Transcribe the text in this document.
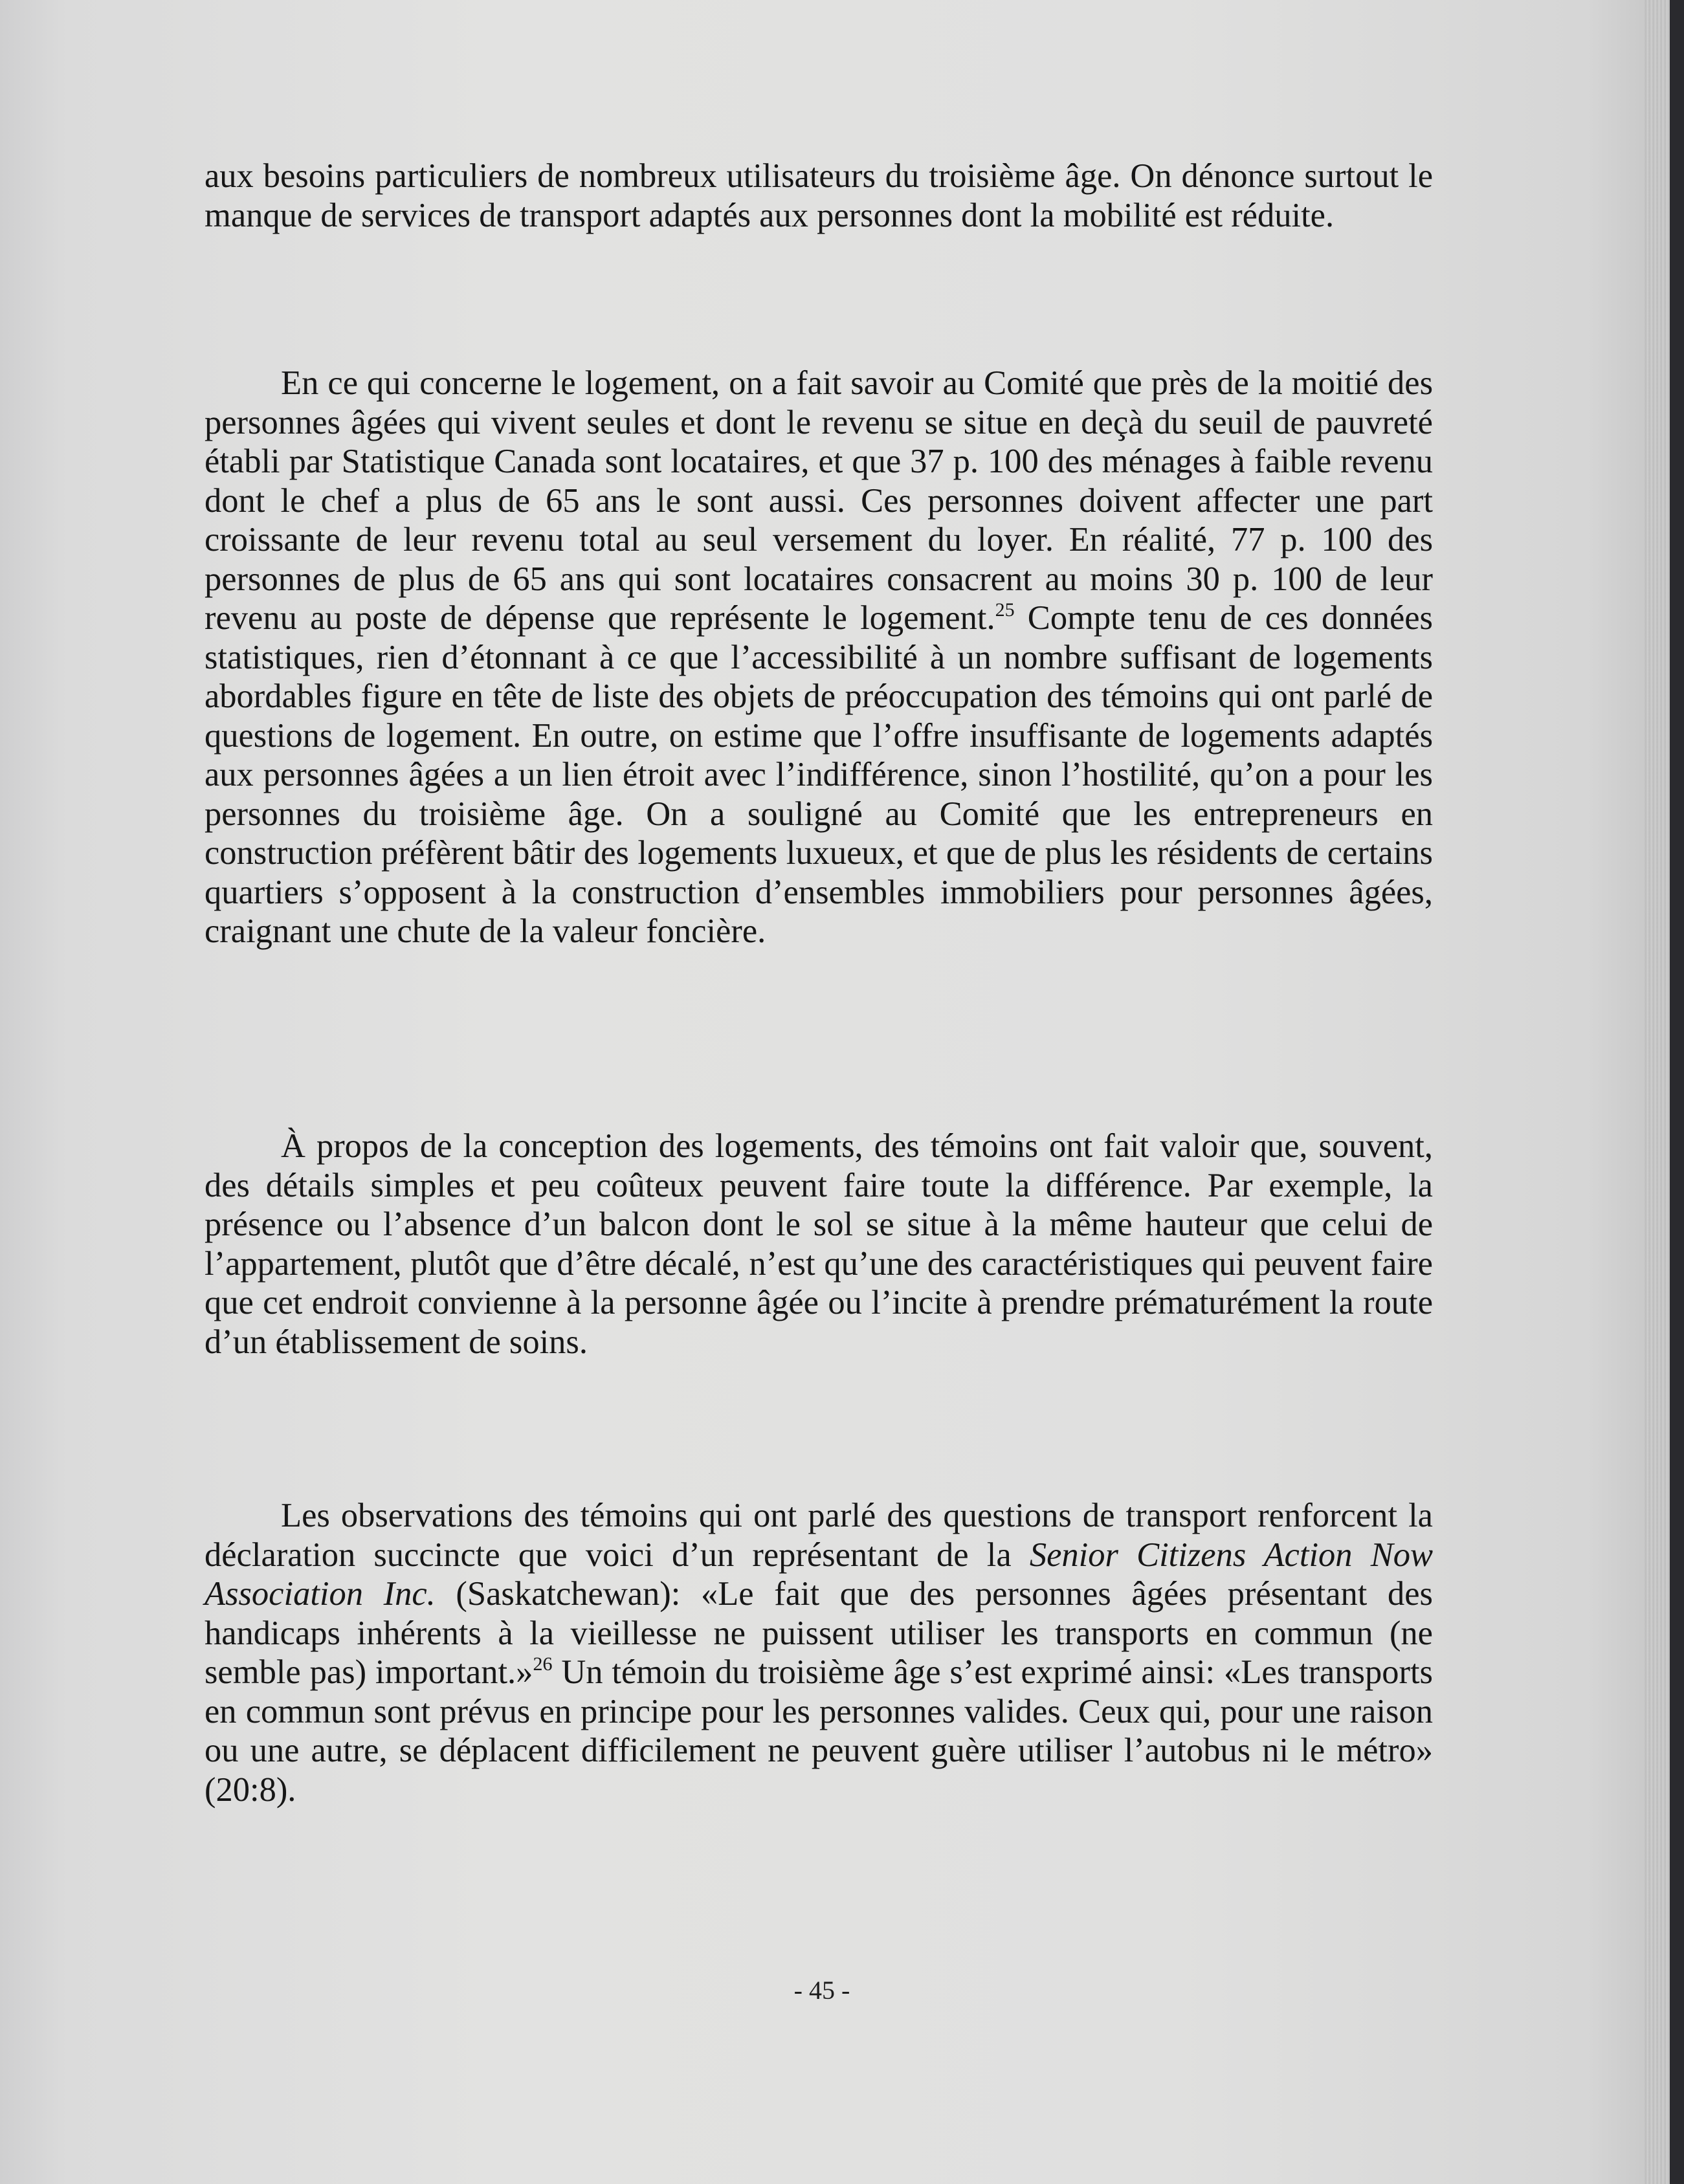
aux besoins particuliers de nombreux utilisateurs du troisième âge. On dénonce surtout le manque de services de transport adaptés aux personnes dont la mobilité est réduite.

En ce qui concerne le logement, on a fait savoir au Comité que près de la moitié des personnes âgées qui vivent seules et dont le revenu se situe en deçà du seuil de pauvreté établi par Statistique Canada sont locataires, et que 37 p. 100 des ménages à faible revenu dont le chef a plus de 65 ans le sont aussi. Ces personnes doivent affecter une part croissante de leur revenu total au seul versement du loyer. En réalité, 77 p. 100 des personnes de plus de 65 ans qui sont locataires consacrent au moins 30 p. 100 de leur revenu au poste de dépense que représente le logement.$^{25}$ Compte tenu de ces données statistiques, rien d’étonnant à ce que l’accessibilité à un nombre suffisant de logements abordables figure en tête de liste des objets de préoccupation des témoins qui ont parlé de questions de logement. En outre, on estime que l’offre insuffisante de logements adaptés aux personnes âgées a un lien étroit avec l’indifférence, sinon l’hostilité, qu’on a pour les personnes du troisième âge. On a souligné au Comité que les entrepreneurs en construction préfèrent bâtir des logements luxueux, et que de plus les résidents de certains quartiers s’opposent à la construction d’ensembles immobiliers pour personnes âgées, craignant une chute de la valeur foncière.

À propos de la conception des logements, des témoins ont fait valoir que, souvent, des détails simples et peu coûteux peuvent faire toute la différence. Par exemple, la présence ou l’absence d’un balcon dont le sol se situe à la même hauteur que celui de l’appartement, plutôt que d’être décalé, n’est qu’une des caractéristiques qui peuvent faire que cet endroit convienne à la personne âgée ou l’incite à prendre prématurément la route d’un établissement de soins.

Les observations des témoins qui ont parlé des questions de transport renforcent la déclaration succincte que voici d’un représentant de la Senior Citizens Action Now Association Inc. (Saskatchewan): «Le fait que des personnes âgées présentant des handicaps inhérents à la vieillesse ne puissent utiliser les transports en commun (ne semble pas) important.»$^{26}$ Un témoin du troisième âge s’est exprimé ainsi: «Les transports en commun sont prévus en principe pour les personnes valides. Ceux qui, pour une raison ou une autre, se déplacent difficilement ne peuvent guère utiliser l’autobus ni le métro» (20:8).

- 45 -
